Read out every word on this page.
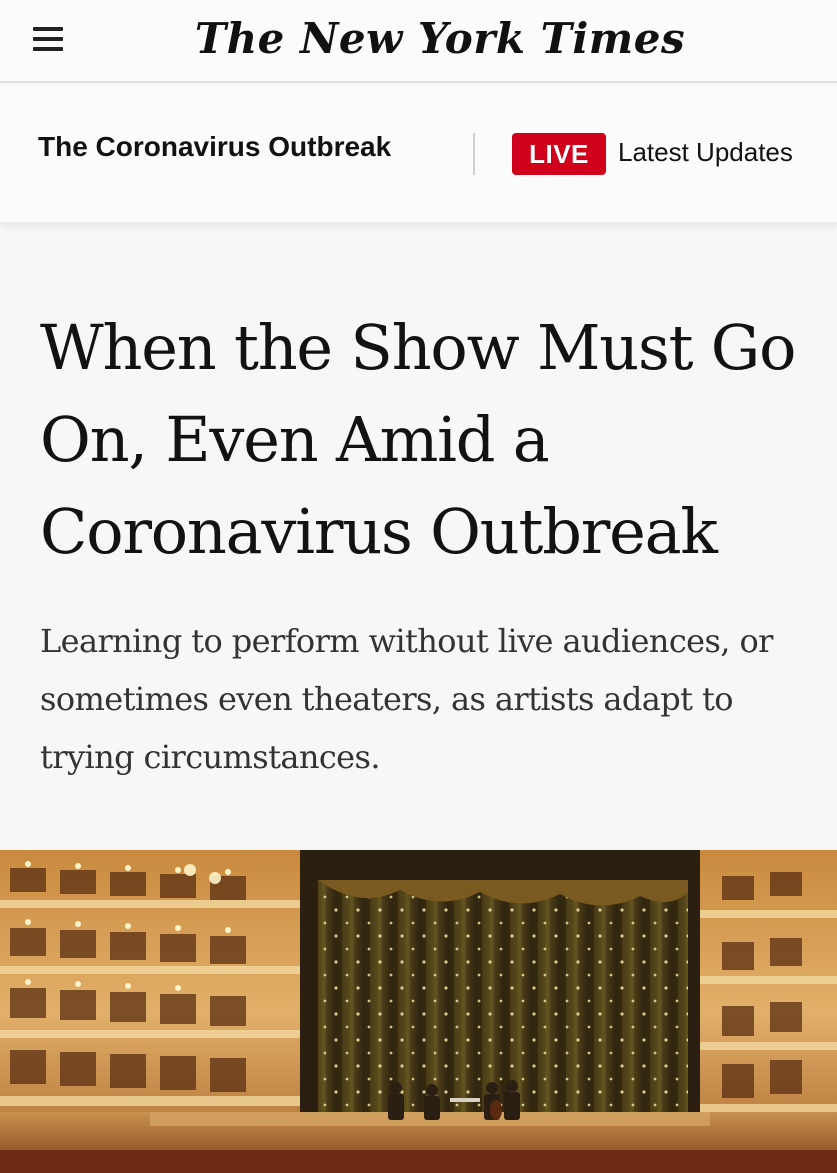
The New York Times
The Coronavirus Outbreak	LIVE	Latest Updates
When the Show Must Go On, Even Amid a Coronavirus Outbreak

Learning to perform without live audiences, or sometimes even theaters, as artists adapt to trying circumstances.
